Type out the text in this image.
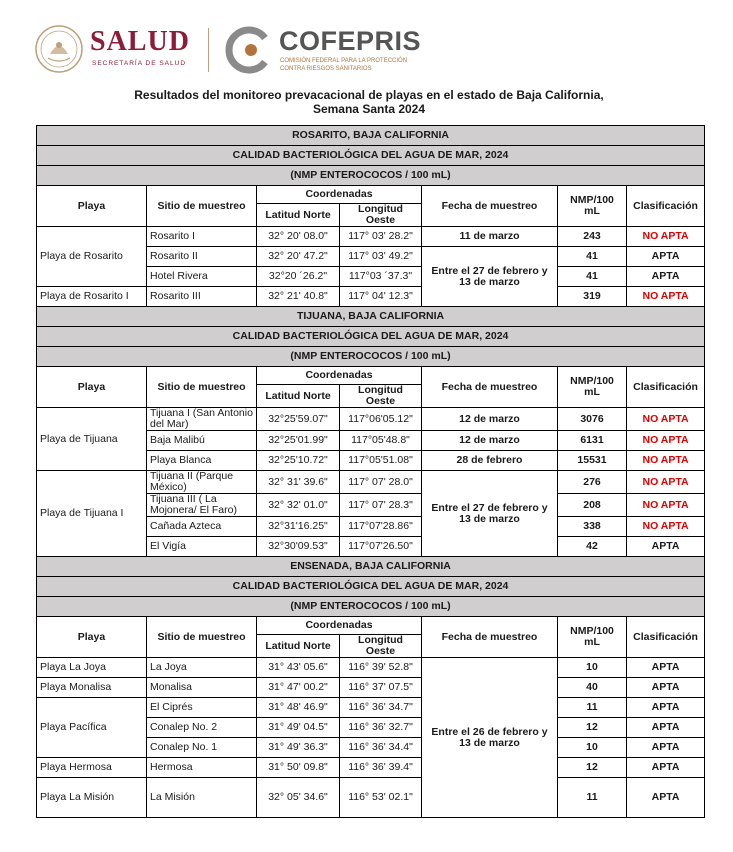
SALUD
SECRETARÍA DE SALUD
COFEPRIS
COMISIÓN FEDERAL PARA LA PROTECCIÓN
CONTRA RIESGOS SANITARIOS
Resultados del monitoreo prevacacional de playas en el estado de Baja California,
Semana Santa 2024
ROSARITO, BAJA CALIFORNIA						
CALIDAD BACTERIOLÓGICA DEL AGUA DE MAR, 2024						
(NMP ENTEROCOCOS / 100 mL)						
Playa	Sitio de muestreo	Coordenadas		Fecha de muestreo	NMP/100 mL	Clasificación
		Latitud Norte	Longitud Oeste			
Playa de Rosarito	Rosarito I	32° 20' 08.0"	117° 03' 28.2"	11 de marzo	243	NO APTA
	Rosarito II	32° 20' 47.2"	117° 03' 49.2"	Entre el 27 de febrero y 13 de marzo	41	APTA
	Hotel Rivera	32°20 ´26.2"	117°03 ´37.3"		41	APTA
Playa de Rosarito I	Rosarito III	32° 21' 40.8"	117° 04' 12.3"		319	NO APTA
TIJUANA, BAJA CALIFORNIA						
CALIDAD BACTERIOLÓGICA DEL AGUA DE MAR, 2024						
(NMP ENTEROCOCOS / 100 mL)						
Playa	Sitio de muestreo	Coordenadas		Fecha de muestreo	NMP/100 mL	Clasificación
		Latitud Norte	Longitud Oeste			
Playa de Tijuana	Tijuana I (San Antonio del Mar)	32°25'59.07"	117°06'05.12"	12 de marzo	3076	NO APTA
	Baja Malibú	32°25'01.99"	117°05'48.8"	12 de marzo	6131	NO APTA
	Playa Blanca	32°25'10.72"	117°05'51.08"	28 de febrero	15531	NO APTA
Playa de Tijuana I	Tijuana II (Parque México)	32° 31' 39.6"	117° 07' 28.0"	Entre el 27 de febrero y 13 de marzo	276	NO APTA
	Tijuana III ( La Mojonera/ El Faro)	32° 32' 01.0"	117° 07' 28.3"		208	NO APTA
	Cañada Azteca	32°31'16.25"	117°07'28.86"		338	NO APTA
	El Vigía	32°30'09.53"	117°07'26.50"		42	APTA
ENSENADA, BAJA CALIFORNIA						
CALIDAD BACTERIOLÓGICA DEL AGUA DE MAR, 2024						
(NMP ENTEROCOCOS / 100 mL)						
Playa	Sitio de muestreo	Coordenadas		Fecha de muestreo	NMP/100 mL	Clasificación
		Latitud Norte	Longitud Oeste			
Playa La Joya	La Joya	31° 43' 05.6"	116° 39' 52.8"	Entre el 26 de febrero y 13 de marzo	10	APTA
Playa Monalisa	Monalisa	31° 47' 00.2"	116° 37' 07.5"		40	APTA
Playa Pacífica	El Ciprés	31° 48' 46.9"	116° 36' 34.7"		11	APTA
	Conalep No. 2	31° 49' 04.5"	116° 36' 32.7"		12	APTA
	Conalep No. 1	31° 49' 36.3"	116° 36' 34.4"		10	APTA
Playa Hermosa	Hermosa	31° 50' 09.8"	116° 36' 39.4"		12	APTA
Playa La Misión	La Misión	32° 05' 34.6"	116° 53' 02.1"		11	APTA
